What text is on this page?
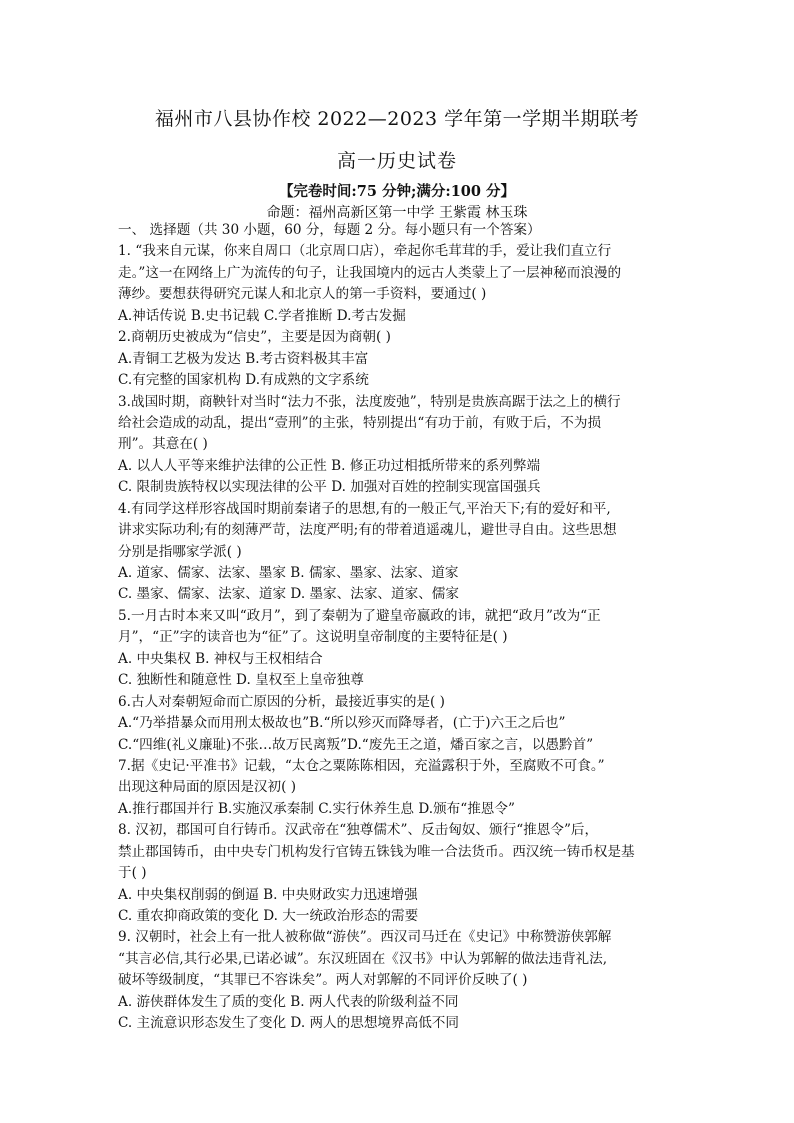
福州市八县协作校 2022—2023 学年第一学期半期联考
高一历史试卷
【完卷时间:75 分钟;满分:100 分】
命题：福州高新区第一中学 王紫霞 林玉珠
一、 选择题（共 30 小题，60 分，每题 2 分。每小题只有一个答案）
1. “我来自元谋，你来自周口（北京周口店），牵起你毛茸茸的手，爱让我们直立行
走。”这一在网络上广为流传的句子，让我国境内的远古人类蒙上了一层神秘而浪漫的
薄纱。要想获得研究元谋人和北京人的第一手资料，要通过( )
A.神话传说 B.史书记载 C.学者推断 D.考古发掘
2.商朝历史被成为“信史”，主要是因为商朝( )
A.青铜工艺极为发达 B.考古资料极其丰富
C.有完整的国家机构 D.有成熟的文字系统
3.战国时期，商鞅针对当时“法力不张，法度废弛”，特别是贵族高踞于法之上的横行
给社会造成的动乱，提出“壹刑”的主张，特别提出“有功于前，有败于后，不为损
刑”。其意在( )
A. 以人人平等来维护法律的公正性 B. 修正功过相抵所带来的系列弊端
C. 限制贵族特权以实现法律的公平 D. 加强对百姓的控制实现富国强兵
4.有同学这样形容战国时期前秦诸子的思想,有的一般正气,平治天下;有的爱好和平,
讲求实际功利;有的刻薄严苛，法度严明;有的带着逍遥魂儿，避世寻自由。这些思想
分别是指哪家学派( )
A. 道家、儒家、法家、墨家 B. 儒家、墨家、法家、道家
C. 墨家、儒家、法家、道家 D. 墨家、法家、道家、儒家
5.一月古时本来又叫“政月”，到了秦朝为了避皇帝嬴政的讳，就把“政月”改为“正
月”，“正”字的读音也为“征”了。这说明皇帝制度的主要特征是( )
A. 中央集权 B. 神权与王权相结合
C. 独断性和随意性 D. 皇权至上皇帝独尊
6.古人对秦朝短命而亡原因的分析，最接近事实的是( )
A.“乃举措暴众而用刑太极故也”B.“所以殄灭而降辱者，(亡于)六王之后也”
C.“四维(礼义廉耻)不张…故万民离叛”D.“废先王之道，燔百家之言，以愚黔首”
7.据《史记·平准书》记载，“太仓之粟陈陈相因，充溢露积于外，至腐败不可食。”
出现这种局面的原因是汉初( )
A.推行郡国并行 B.实施汉承秦制 C.实行休养生息 D.颁布“推恩令”
8. 汉初，郡国可自行铸币。汉武帝在“独尊儒术”、反击匈奴、颁行“推恩令”后，
禁止郡国铸币，由中央专门机构发行官铸五铢钱为唯一合法货币。西汉统一铸币权是基
于( )
A. 中央集权削弱的倒逼 B. 中央财政实力迅速增强
C. 重农抑商政策的变化 D. 大一统政治形态的需要
9. 汉朝时，社会上有一批人被称做“游侠”。西汉司马迁在《史记》中称赞游侠郭解
“其言必信,其行必果,已诺必诚”。东汉班固在《汉书》中认为郭解的做法违背礼法,
破坏等级制度，“其罪已不容诛矣”。两人对郭解的不同评价反映了( )
A. 游侠群体发生了质的变化 B. 两人代表的阶级利益不同
C. 主流意识形态发生了变化 D. 两人的思想境界高低不同
